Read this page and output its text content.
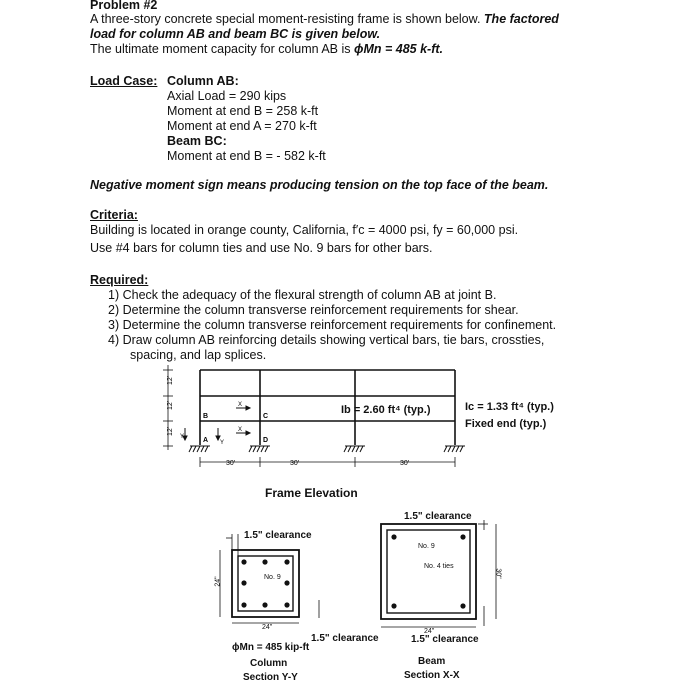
Problem #2
A three-story concrete special moment-resisting frame is shown below. The factored
load for column AB and beam BC is given below.
The ultimate moment capacity for column AB is ϕMn = 485 k-ft.
Load Case: Column AB:
Axial Load = 290 kips
Moment at end B = 258 k-ft
Moment at end A = 270 k-ft
Beam BC:
Moment at end B = - 582 k-ft
Negative moment sign means producing tension on the top face of the beam.
Criteria:
Building is located in orange county, California, f′c = 4000 psi, fy = 60,000 psi.
Use #4 bars for column ties and use No. 9 bars for other bars.
Required:
1) Check the adequacy of the flexural strength of column AB at joint B.
2) Determine the column transverse reinforcement requirements for shear.
3) Determine the column transverse reinforcement requirements for confinement.
4) Draw column AB reinforcing details showing vertical bars, tie bars, crossties,
spacing, and lap splices.
12'
12'
12'
30'	30'	30'
B	C
A	D
X
X
Y
Y
Ib = 2.60 ft⁴ (typ.)	Ic = 1.33 ft⁴ (typ.)
Fixed end (typ.)
Frame Elevation
1.5" clearance
24"
24"	No. 9
1.5" clearance
ϕMn = 485 kip-ft
Column
Section Y-Y
1.5" clearance
No. 9
No. 4 ties
24"
30"
1.5" clearance
Beam
Section X-X
